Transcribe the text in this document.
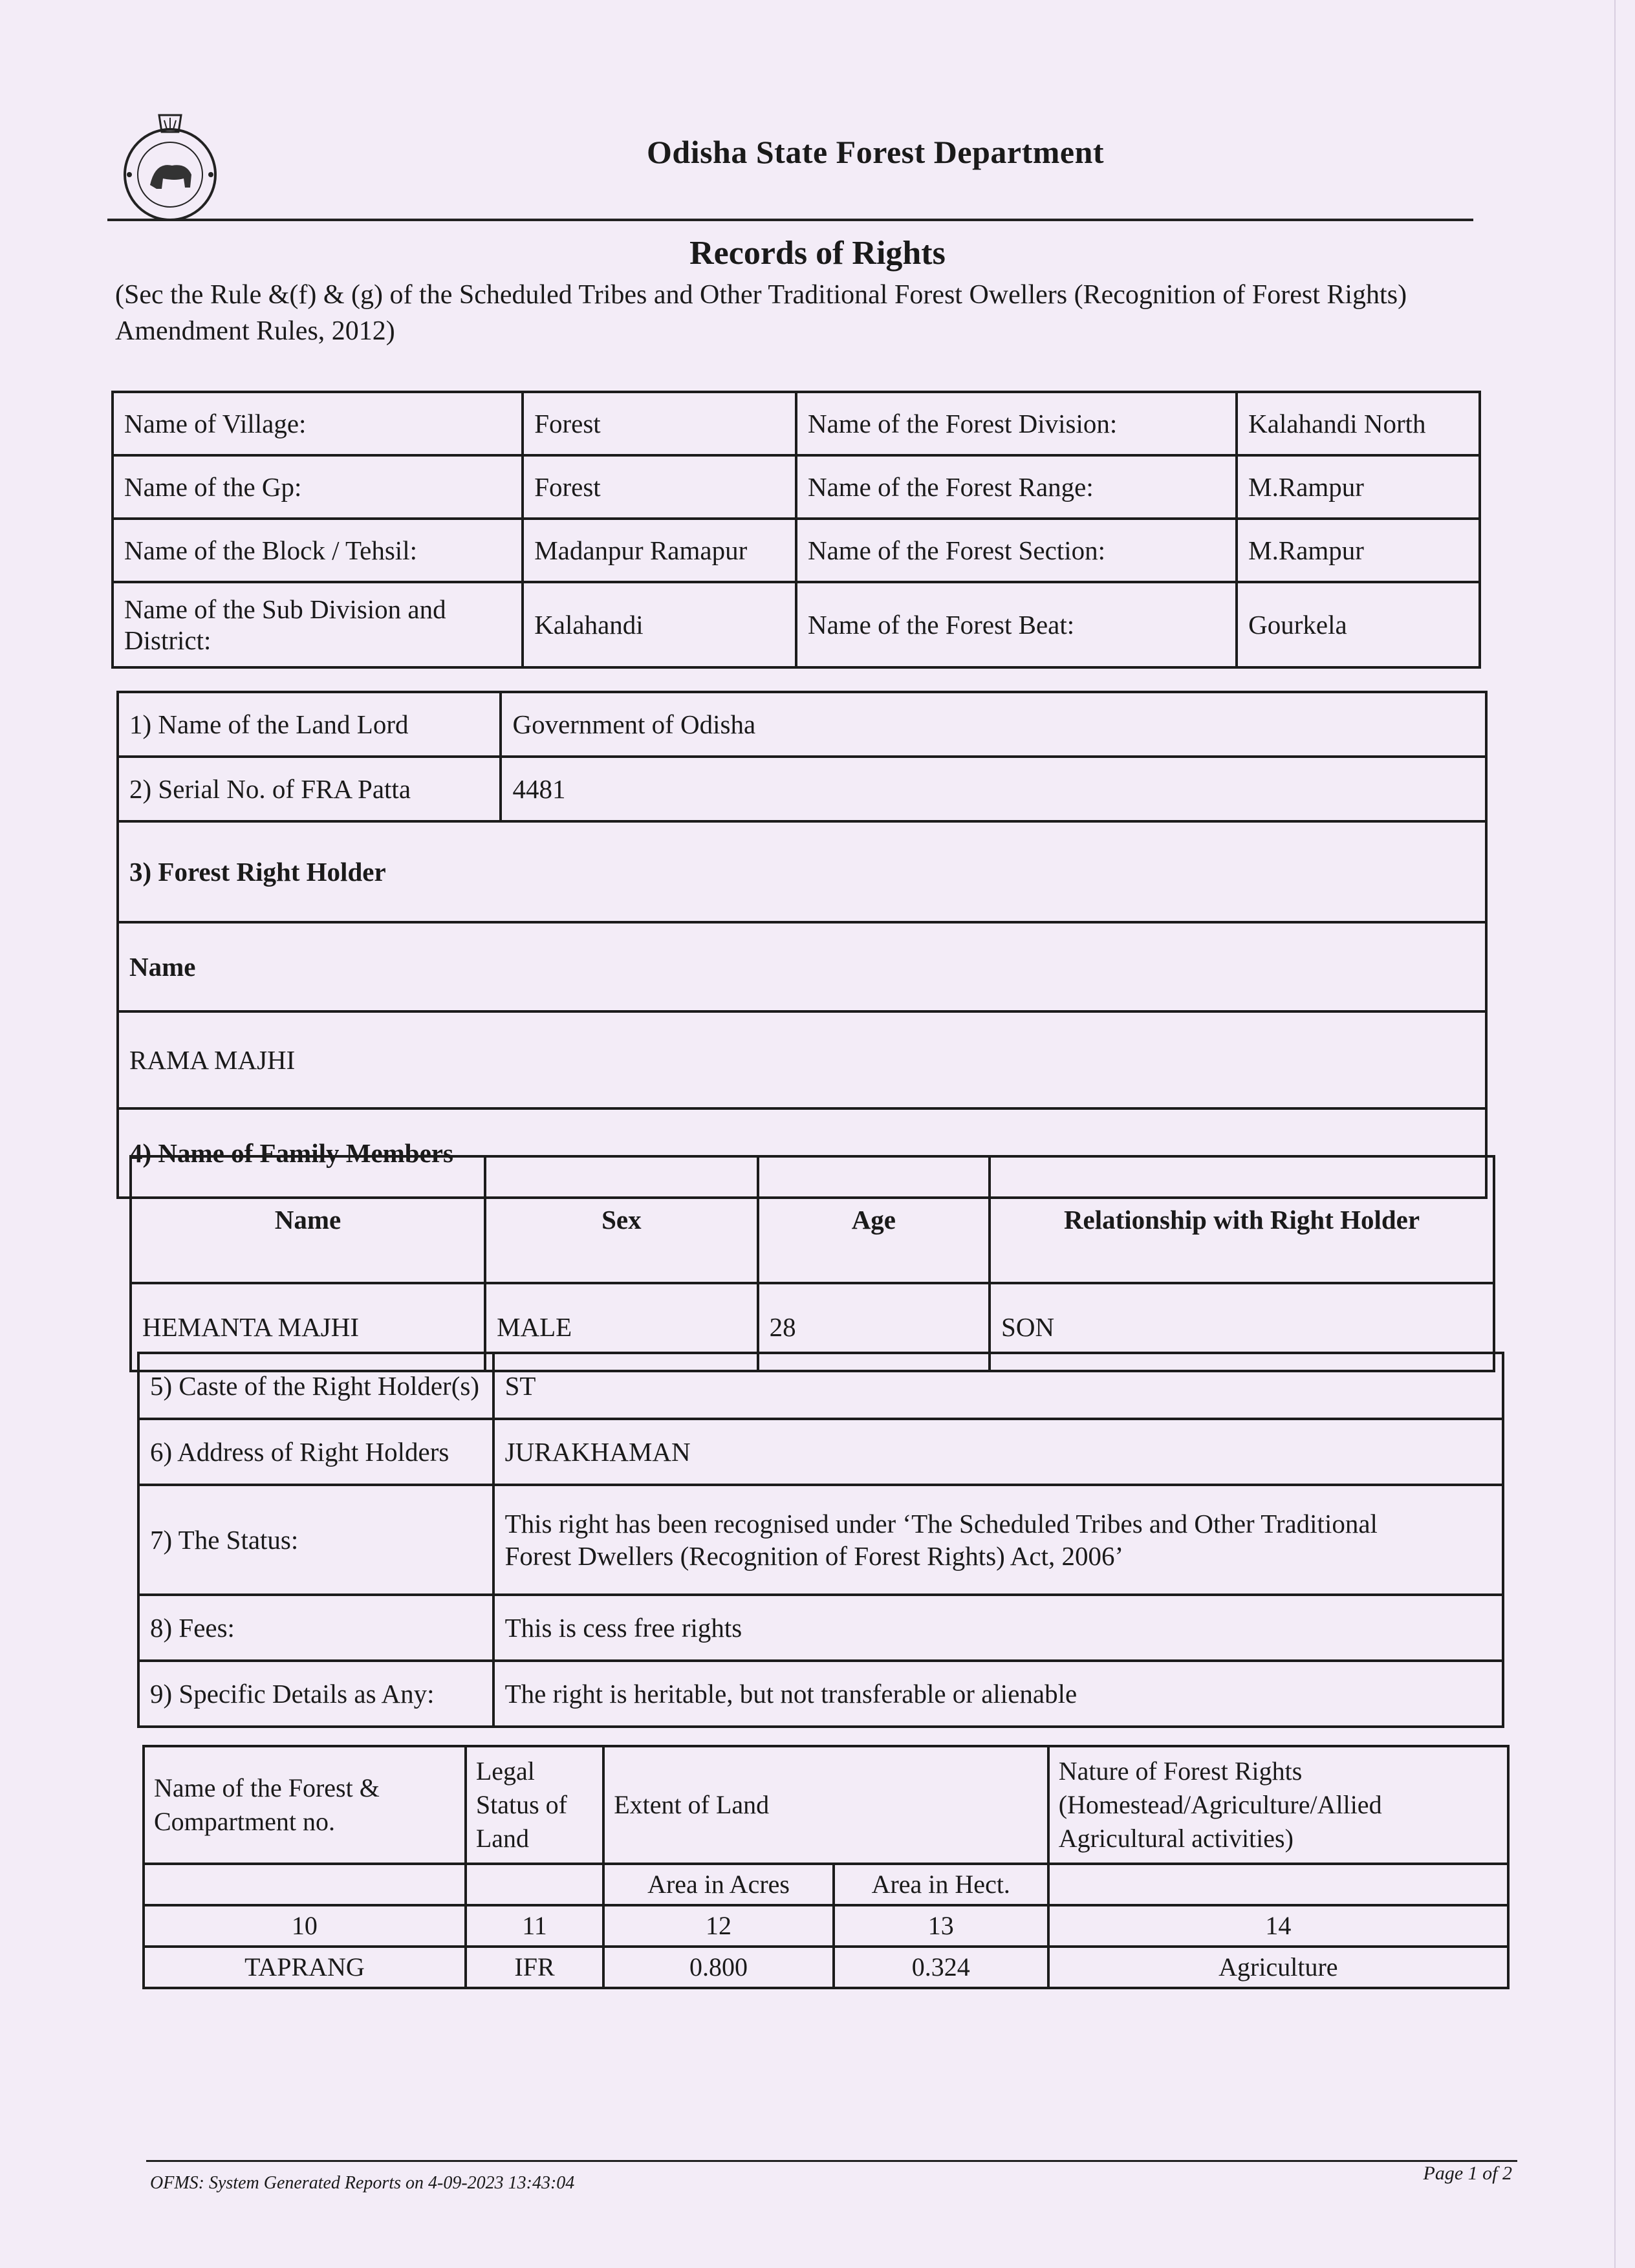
Odisha State Forest Department
Records of Rights
(Sec the Rule &(f) & (g) of the Scheduled Tribes and Other Traditional Forest Owellers (Recognition of Forest Rights) Amendment Rules, 2012)
Name of Village:	Forest	Name of the Forest Division:	Kalahandi North
Name of the Gp:	Forest	Name of the Forest Range:	M.Rampur
Name of the Block / Tehsil:	Madanpur Ramapur	Name of the Forest Section:	M.Rampur
Name of the Sub Division and District:	Kalahandi	Name of the Forest Beat:	Gourkela
1) Name of the Land Lord	Government of Odisha
2) Serial No. of FRA Patta	4481
3) Forest Right Holder	
Name	
RAMA MAJHI	
4) Name of Family Members	
Name	Sex	Age	Relationship with Right Holder
HEMANTA MAJHI	MALE	28	SON
5) Caste of the Right Holder(s)	ST
6) Address of Right Holders	JURAKHAMAN
7) The Status:	This right has been recognised under ‘The Scheduled Tribes and Other Traditional
Forest Dwellers (Recognition of Forest Rights) Act, 2006’

8) Fees:	This is cess free rights
9) Specific Details as Any:	The right is heritable, but not transferable or alienable
Name of the Forest & Compartment no.	Legal Status of Land	Extent of Land		Nature of Forest Rights (Homestead/Agriculture/Allied Agricultural activities)
		Area in Acres	Area in Hect.	
10	11	12	13	14
TAPRANG	IFR	0.800	0.324	Agriculture
OFMS: System Generated Reports on 4-09-2023 13:43:04	Page 1 of 2
